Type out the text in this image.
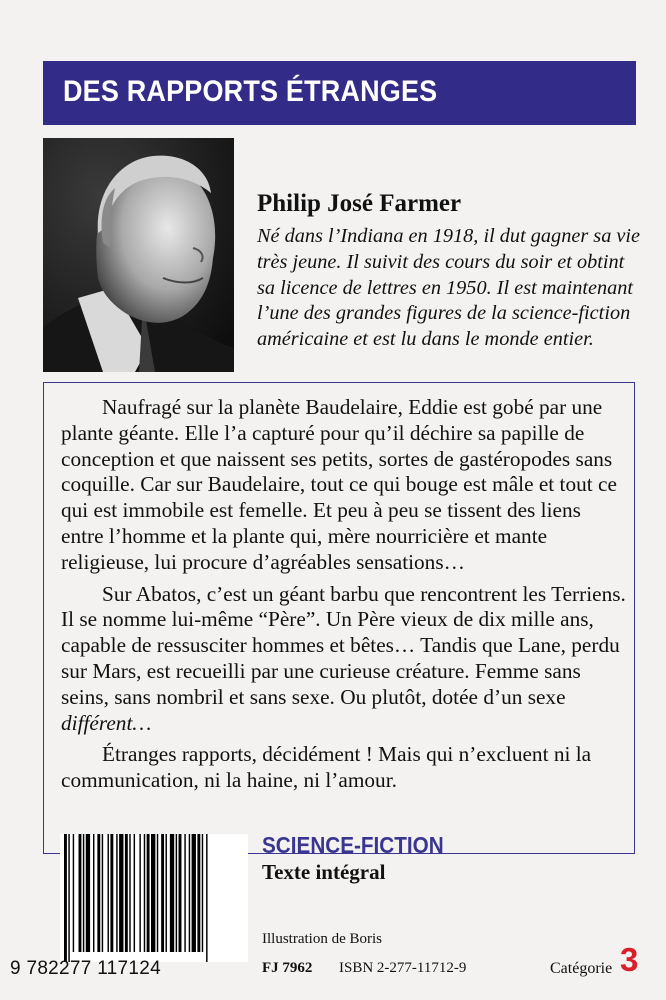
DES RAPPORTS ÉTRANGES
Philip José Farmer
Né dans l’Indiana en 1918, il dut gagner sa vie très jeune. Il suivit des cours du soir et obtint sa licence de lettres en 1950. Il est maintenant l’une des grandes figures de la science-fiction américaine et est lu dans le monde entier.

Naufragé sur la planète Baudelaire, Eddie est gobé par une plante géante. Elle l’a capturé pour qu’il déchire sa papille de conception et que naissent ses petits, sortes de gastéropodes sans coquille. Car sur Baudelaire, tout ce qui bouge est mâle et tout ce qui est immobile est femelle. Et peu à peu se tissent des liens entre l’homme et la plante qui, mère nourricière et mante religieuse, lui procure d’agréables sensations…

Sur Abatos, c’est un géant barbu que rencontrent les Terriens. Il se nomme lui-même “Père”. Un Père vieux de dix mille ans, capable de ressusciter hommes et bêtes… Tandis que Lane, perdu sur Mars, est recueilli par une curieuse créature. Femme sans seins, sans nombril et sans sexe. Ou plutôt, dotée d’un sexe différent…

Étranges rapports, décidément ! Mais qui n’excluent ni la communication, ni la haine, ni l’amour.

9 782277 117124
SCIENCE-FICTION
Texte intégral
Illustration de Boris
FJ 7962 ISBN 2-277-11712-9	Catégorie 3
